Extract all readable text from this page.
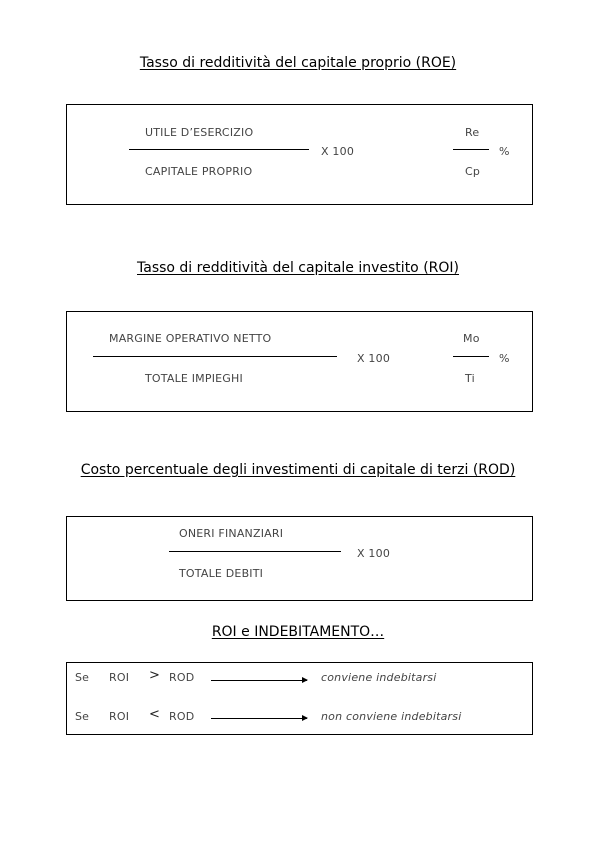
Tasso di redditività del capitale proprio (ROE)
UTILE D’ESERCIZIO
CAPITALE PROPRIO
X 100
Re
Cp
%
Tasso di redditività del capitale investito (ROI)
MARGINE OPERATIVO NETTO
TOTALE IMPIEGHI
X 100
Mo
Ti
%
Costo percentuale degli investimenti di capitale di terzi (ROD)
ONERI FINANZIARI
TOTALE DEBITI
X 100
ROI e INDEBITAMENTO…
Se ROI > ROD	conviene indebitarsi
Se ROI < ROD	non conviene indebitarsi
